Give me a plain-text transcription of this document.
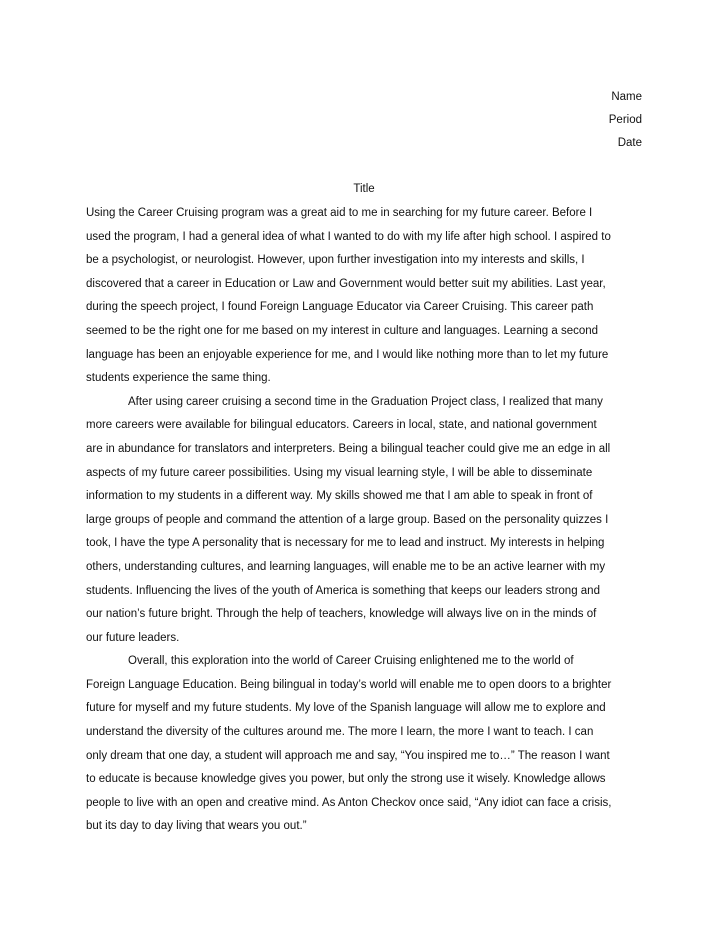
Name
Period
Date
Title
Using the Career Cruising program was a great aid to me in searching for my future career. Before I
used the program, I had a general idea of what I wanted to do with my life after high school. I aspired to
be a psychologist, or neurologist. However, upon further investigation into my interests and skills, I
discovered that a career in Education or Law and Government would better suit my abilities. Last year,
during the speech project, I found Foreign Language Educator via Career Cruising. This career path
seemed to be the right one for me based on my interest in culture and languages. Learning a second
language has been an enjoyable experience for me, and I would like nothing more than to let my future
students experience the same thing.
After using career cruising a second time in the Graduation Project class, I realized that many
more careers were available for bilingual educators. Careers in local, state, and national government
are in abundance for translators and interpreters. Being a bilingual teacher could give me an edge in all
aspects of my future career possibilities. Using my visual learning style, I will be able to disseminate
information to my students in a different way. My skills showed me that I am able to speak in front of
large groups of people and command the attention of a large group. Based on the personality quizzes I
took, I have the type A personality that is necessary for me to lead and instruct. My interests in helping
others, understanding cultures, and learning languages, will enable me to be an active learner with my
students. Influencing the lives of the youth of America is something that keeps our leaders strong and
our nation’s future bright. Through the help of teachers, knowledge will always live on in the minds of
our future leaders.
Overall, this exploration into the world of Career Cruising enlightened me to the world of
Foreign Language Education. Being bilingual in today’s world will enable me to open doors to a brighter
future for myself and my future students. My love of the Spanish language will allow me to explore and
understand the diversity of the cultures around me. The more I learn, the more I want to teach. I can
only dream that one day, a student will approach me and say, “You inspired me to…” The reason I want
to educate is because knowledge gives you power, but only the strong use it wisely. Knowledge allows
people to live with an open and creative mind. As Anton Checkov once said, “Any idiot can face a crisis,
but its day to day living that wears you out.”
